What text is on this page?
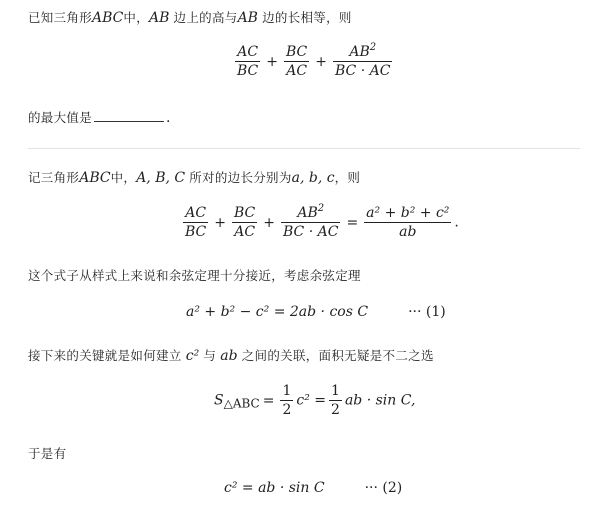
已知三角形ABC中，AB 边上的高与AB 边的长相等，则
$\frac{AC}{BC} + \frac{BC}{AC} + \frac{AB^2}{BC \cdot AC}$
的最大值是	.
记三角形ABC中，A, B, C 所对的边长分别为a, b, c，则
$\frac{AC}{BC} + \frac{BC}{AC} + \frac{AB^2}{BC \cdot AC} = \frac{\text{a² + b² + c²}}{ab}$ .
这个式子从样式上来说和余弦定理十分接近，考虑余弦定理
a² + b² − c² = 2ab · cos C	··· (1)
接下来的关键就是如何建立 c² 与 ab 之间的关联，面积无疑是不二之选
$S_{\triangle ABC} = \frac{1}{2} c^2 = \frac{1}{2}$ ab · sin C,
于是有
c² = ab · sin C	··· (2)
